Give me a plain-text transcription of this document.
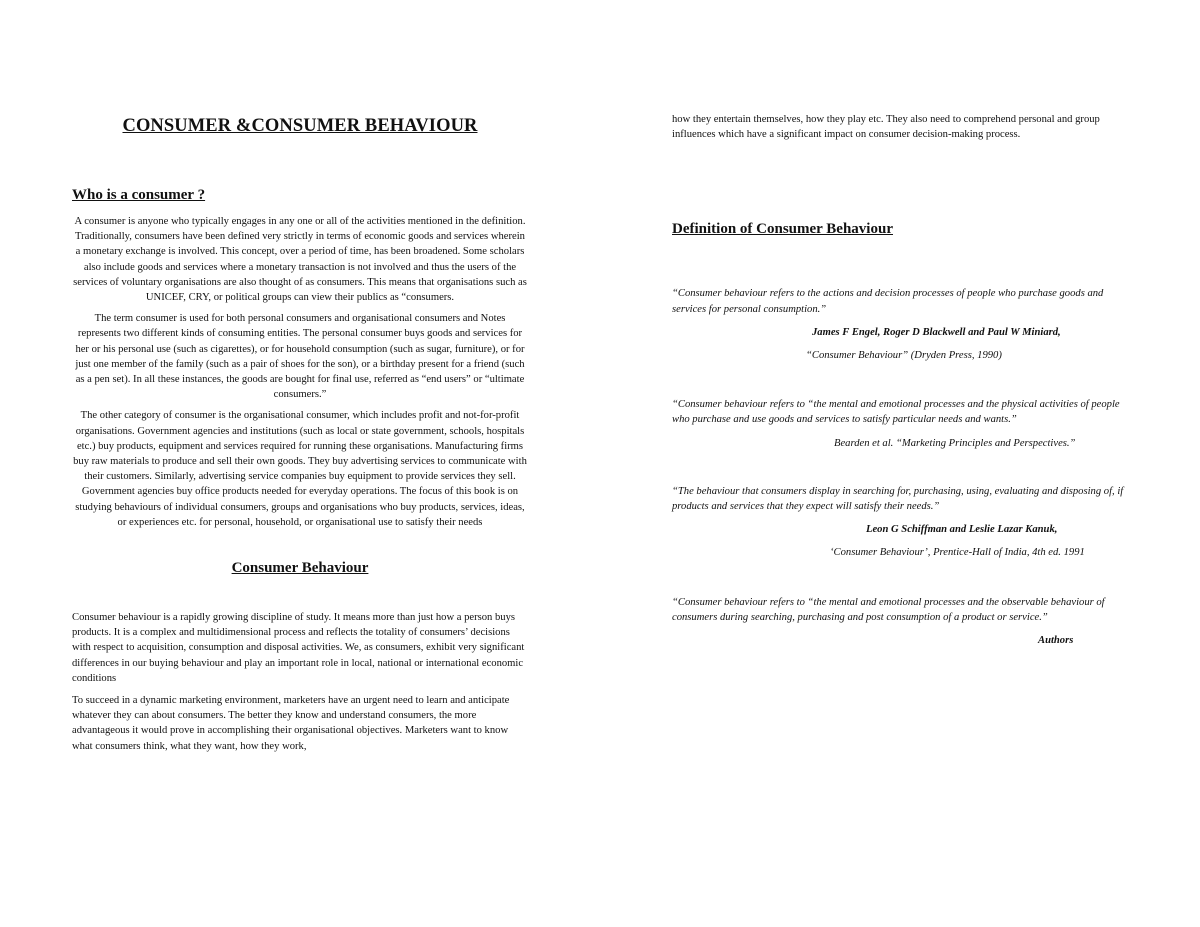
CONSUMER &CONSUMER BEHAVIOUR
Who is a consumer ?

A consumer is anyone who typically engages in any one or all of the activities mentioned in the definition. Traditionally, consumers have been defined very strictly in terms of economic goods and services wherein a monetary exchange is involved. This concept, over a period of time, has been broadened. Some scholars also include goods and services where a monetary transaction is not involved and thus the users of the services of voluntary organisations are also thought of as consumers. This means that organisations such as UNICEF, CRY, or political groups can view their publics as “consumers.

The term consumer is used for both personal consumers and organisational consumers and Notes represents two different kinds of consuming entities. The personal consumer buys goods and services for her or his personal use (such as cigarettes), or for household consumption (such as sugar, furniture), or for just one member of the family (such as a pair of shoes for the son), or a birthday present for a friend (such as a pen set). In all these instances, the goods are bought for final use, referred as “end users” or “ultimate consumers.”

The other category of consumer is the organisational consumer, which includes profit and not-for-profit organisations. Government agencies and institutions (such as local or state government, schools, hospitals etc.) buy products, equipment and services required for running these organisations. Manufacturing firms buy raw materials to produce and sell their own goods. They buy advertising services to communicate with their customers. Similarly, advertising service companies buy equipment to provide services they sell. Government agencies buy office products needed for everyday operations. The focus of this book is on studying behaviours of individual consumers, groups and organisations who buy products, services, ideas, or experiences etc. for personal, household, or organisational use to satisfy their needs

Consumer Behaviour

Consumer behaviour is a rapidly growing discipline of study. It means more than just how a person buys products. It is a complex and multidimensional process and reflects the totality of consumers’ decisions with respect to acquisition, consumption and disposal activities. We, as consumers, exhibit very significant differences in our buying behaviour and play an important role in local, national or international economic conditions

To succeed in a dynamic marketing environment, marketers have an urgent need to learn and anticipate whatever they can about consumers. The better they know and understand consumers, the more advantageous it would prove in accomplishing their organisational objectives. Marketers want to know what consumers think, what they want, how they work,

how they entertain themselves, how they play etc. They also need to comprehend personal and group influences which have a significant impact on consumer decision-making process.

Definition of Consumer Behaviour

“Consumer behaviour refers to the actions and decision processes of people who purchase goods and services for personal consumption.”

James F Engel, Roger D Blackwell and Paul W Miniard,

“Consumer Behaviour” (Dryden Press, 1990)

“Consumer behaviour refers to “the mental and emotional processes and the physical activities of people who purchase and use goods and services to satisfy particular needs and wants.”

Bearden et al. “Marketing Principles and Perspectives.”

“The behaviour that consumers display in searching for, purchasing, using, evaluating and disposing of, if products and services that they expect will satisfy their needs.”

Leon G Schiffman and Leslie Lazar Kanuk,

‘Consumer Behaviour’, Prentice-Hall of India, 4th ed. 1991

“Consumer behaviour refers to “the mental and emotional processes and the observable behaviour of consumers during searching, purchasing and post consumption of a product or service.”

Authors
